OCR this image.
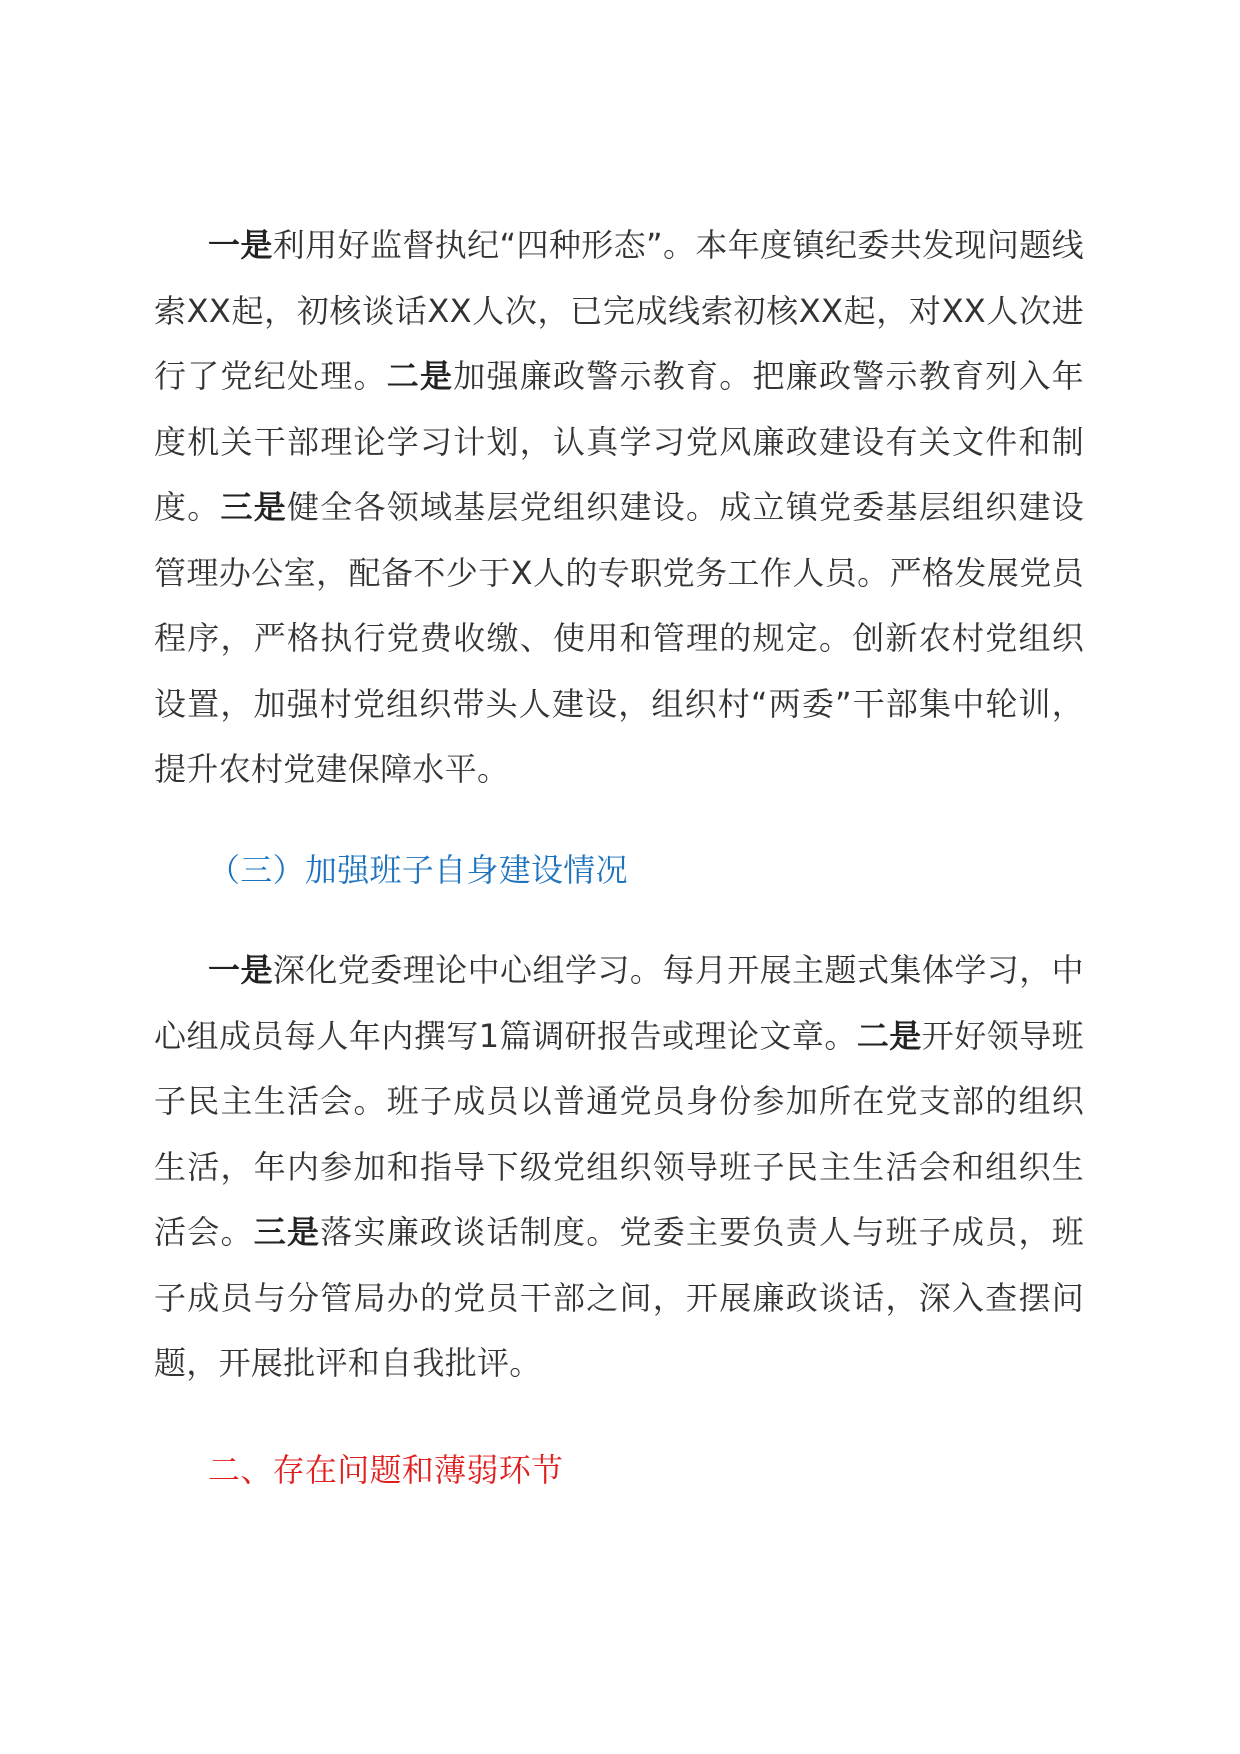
一是利用好监督执纪“四种形态”。本年度镇纪委共发现问题线索XX起，初核谈话XX人次，已完成线索初核XX起，对XX人次进行了党纪处理。二是加强廉政警示教育。把廉政警示教育列入年度机关干部理论学习计划，认真学习党风廉政建设有关文件和制度。三是健全各领域基层党组织建设。成立镇党委基层组织建设管理办公室，配备不少于X人的专职党务工作人员。严格发展党员程序，严格执行党费收缴、使用和管理的规定。创新农村党组织设置，加强村党组织带头人建设，组织村“两委”干部集中轮训，提升农村党建保障水平。

（三）加强班子自身建设情况

一是深化党委理论中心组学习。每月开展主题式集体学习，中心组成员每人年内撰写1篇调研报告或理论文章。二是开好领导班子民主生活会。班子成员以普通党员身份参加所在党支部的组织生活，年内参加和指导下级党组织领导班子民主生活会和组织生活会。三是落实廉政谈话制度。党委主要负责人与班子成员，班子成员与分管局办的党员干部之间，开展廉政谈话，深入查摆问题，开展批评和自我批评。

二、存在问题和薄弱环节
